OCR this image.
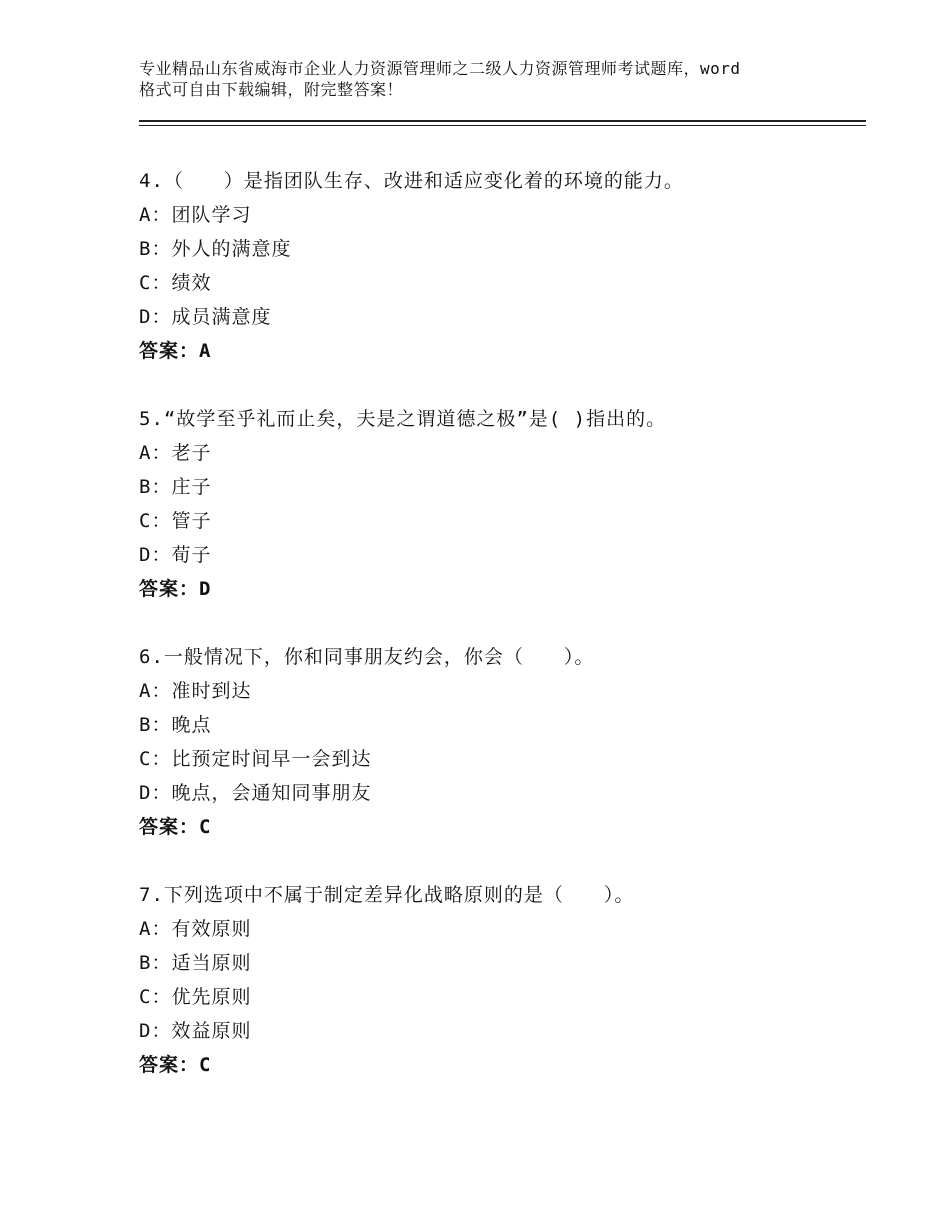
专业精品山东省威海市企业人力资源管理师之二级人力资源管理师考试题库，word
格式可自由下载编辑，附完整答案！
4.（　　）是指团队生存、改进和适应变化着的环境的能力。
A：团队学习
B：外人的满意度
C：绩效
D：成员满意度
答案：A
5.“故学至乎礼而止矣，夫是之谓道德之极”是( )指出的。
A：老子
B：庄子
C：管子
D：荀子
答案：D
6.一般情况下，你和同事朋友约会，你会（　　）。
A：准时到达
B：晚点
C：比预定时间早一会到达
D：晚点，会通知同事朋友
答案：C
7.下列选项中不属于制定差异化战略原则的是（　　）。
A：有效原则
B：适当原则
C：优先原则
D：效益原则
答案：C
